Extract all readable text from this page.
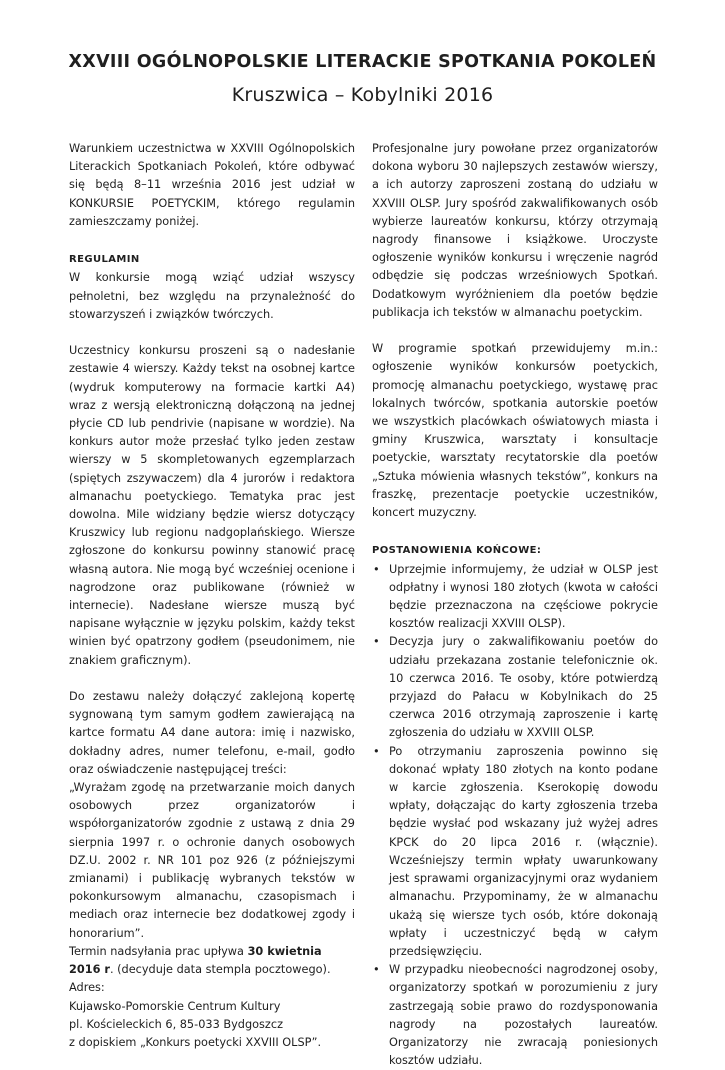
XXVIII OGÓLNOPOLSKIE LITERACKIE SPOTKANIA POKOLEŃ
Kruszwica – Kobylniki 2016

Warunkiem uczestnictwa w XXVIII Ogólnopolskich Literackich Spotkaniach Pokoleń, które odbywać się będą 8–11 września 2016 jest udział w KONKURSIE POETYCKIM, którego regulamin zamieszczamy poniżej.

REGULAMIN

W konkursie mogą wziąć udział wszyscy pełnoletni, bez względu na przynależność do stowarzyszeń i związków twórczych.

Uczestnicy konkursu proszeni są o nadesłanie zestawie 4 wierszy. Każdy tekst na osobnej kartce (wydruk komputerowy na formacie kartki A4) wraz z wersją elektroniczną dołączoną na jednej płycie CD lub pendrivie (napisane w wordzie). Na konkurs autor może przesłać tylko jeden zestaw wierszy w 5 skompletowanych egzemplarzach (spiętych zszywaczem) dla 4 jurorów i redaktora almanachu poetyckiego. Tematyka prac jest dowolna. Mile widziany będzie wiersz dotyczący Kruszwicy lub regionu nadgoplańskiego. Wiersze zgłoszone do konkursu powinny stanowić pracę własną autora. Nie mogą być wcześniej ocenione i nagrodzone oraz publikowane (również w internecie). Nadesłane wiersze muszą być napisane wyłącznie w języku polskim, każdy tekst winien być opatrzony godłem (pseudonimem, nie znakiem graficznym).

Do zestawu należy dołączyć zaklejoną kopertę sygnowaną tym samym godłem zawierającą na kartce formatu A4 dane autora: imię i nazwisko, dokładny adres, numer telefonu, e-mail, godło oraz oświadczenie następującej treści:

„Wyrażam zgodę na przetwarzanie moich danych osobowych przez organizatorów i współorganizatorów zgodnie z ustawą z dnia 29 sierpnia 1997 r. o ochronie danych osobowych DZ.U. 2002 r. NR 101 poz 926 (z późniejszymi zmianami) i publikację wybranych tekstów w pokonkursowym almanachu, czasopismach i mediach oraz internecie bez dodatkowej zgody i honorarium”.

Termin nadsyłania prac upływa 30 kwietnia 2016 r. (decyduje data stempla pocztowego).

Adres:

Kujawsko-Pomorskie Centrum Kultury

pl. Kościeleckich 6, 85-033 Bydgoszcz

z dopiskiem „Konkurs poetycki XXVIII OLSP”.

Profesjonalne jury powołane przez organizatorów dokona wyboru 30 najlepszych zestawów wierszy, a ich autorzy zaproszeni zostaną do udziału w XXVIII OLSP. Jury spośród zakwalifikowanych osób wybierze laureatów konkursu, którzy otrzymają nagrody finansowe i książkowe. Uroczyste ogłoszenie wyników konkursu i wręczenie nagród odbędzie się podczas wrześniowych Spotkań. Dodatkowym wyróżnieniem dla poetów będzie publikacja ich tekstów w almanachu poetyckim.

W programie spotkań przewidujemy m.in.: ogłoszenie wyników konkursów poetyckich, promocję almanachu poetyckiego, wystawę prac lokalnych twórców, spotkania autorskie poetów we wszystkich placówkach oświatowych miasta i gminy Kruszwica, warsztaty i konsultacje poetyckie, warsztaty recytatorskie dla poetów „Sztuka mówienia własnych tekstów”, konkurs na fraszkę, prezentacje poetyckie uczestników, koncert muzyczny.

POSTANOWIENIA KOŃCOWE:
• Uprzejmie informujemy, że udział w OLSP jest odpłatny i wynosi 180 złotych (kwota w całości będzie przeznaczona na częściowe pokrycie kosztów realizacji XXVIII OLSP).
• Decyzja jury o zakwalifikowaniu poetów do udziału przekazana zostanie telefonicznie ok. 10 czerwca 2016. Te osoby, które potwierdzą przyjazd do Pałacu w Kobylnikach do 25 czerwca 2016 otrzymają zaproszenie i kartę zgłoszenia do udziału w XXVIII OLSP.
• Po otrzymaniu zaproszenia powinno się dokonać wpłaty 180 złotych na konto podane w karcie zgłoszenia. Kserokopię dowodu wpłaty, dołączając do karty zgłoszenia trzeba będzie wysłać pod wskazany już wyżej adres KPCK do 20 lipca 2016 r. (włącznie). Wcześniejszy termin wpłaty uwarunkowany jest sprawami organizacyjnymi oraz wydaniem almanachu. Przypominamy, że w almanachu ukażą się wiersze tych osób, które dokonają wpłaty i uczestniczyć będą w całym przedsięwzięciu.
• W przypadku nieobecności nagrodzonej osoby, organizatorzy spotkań w porozumieniu z jury zastrzegają sobie prawo do rozdysponowania nagrody na pozostałych laureatów. Organizatorzy nie zwracają poniesionych kosztów udziału.
